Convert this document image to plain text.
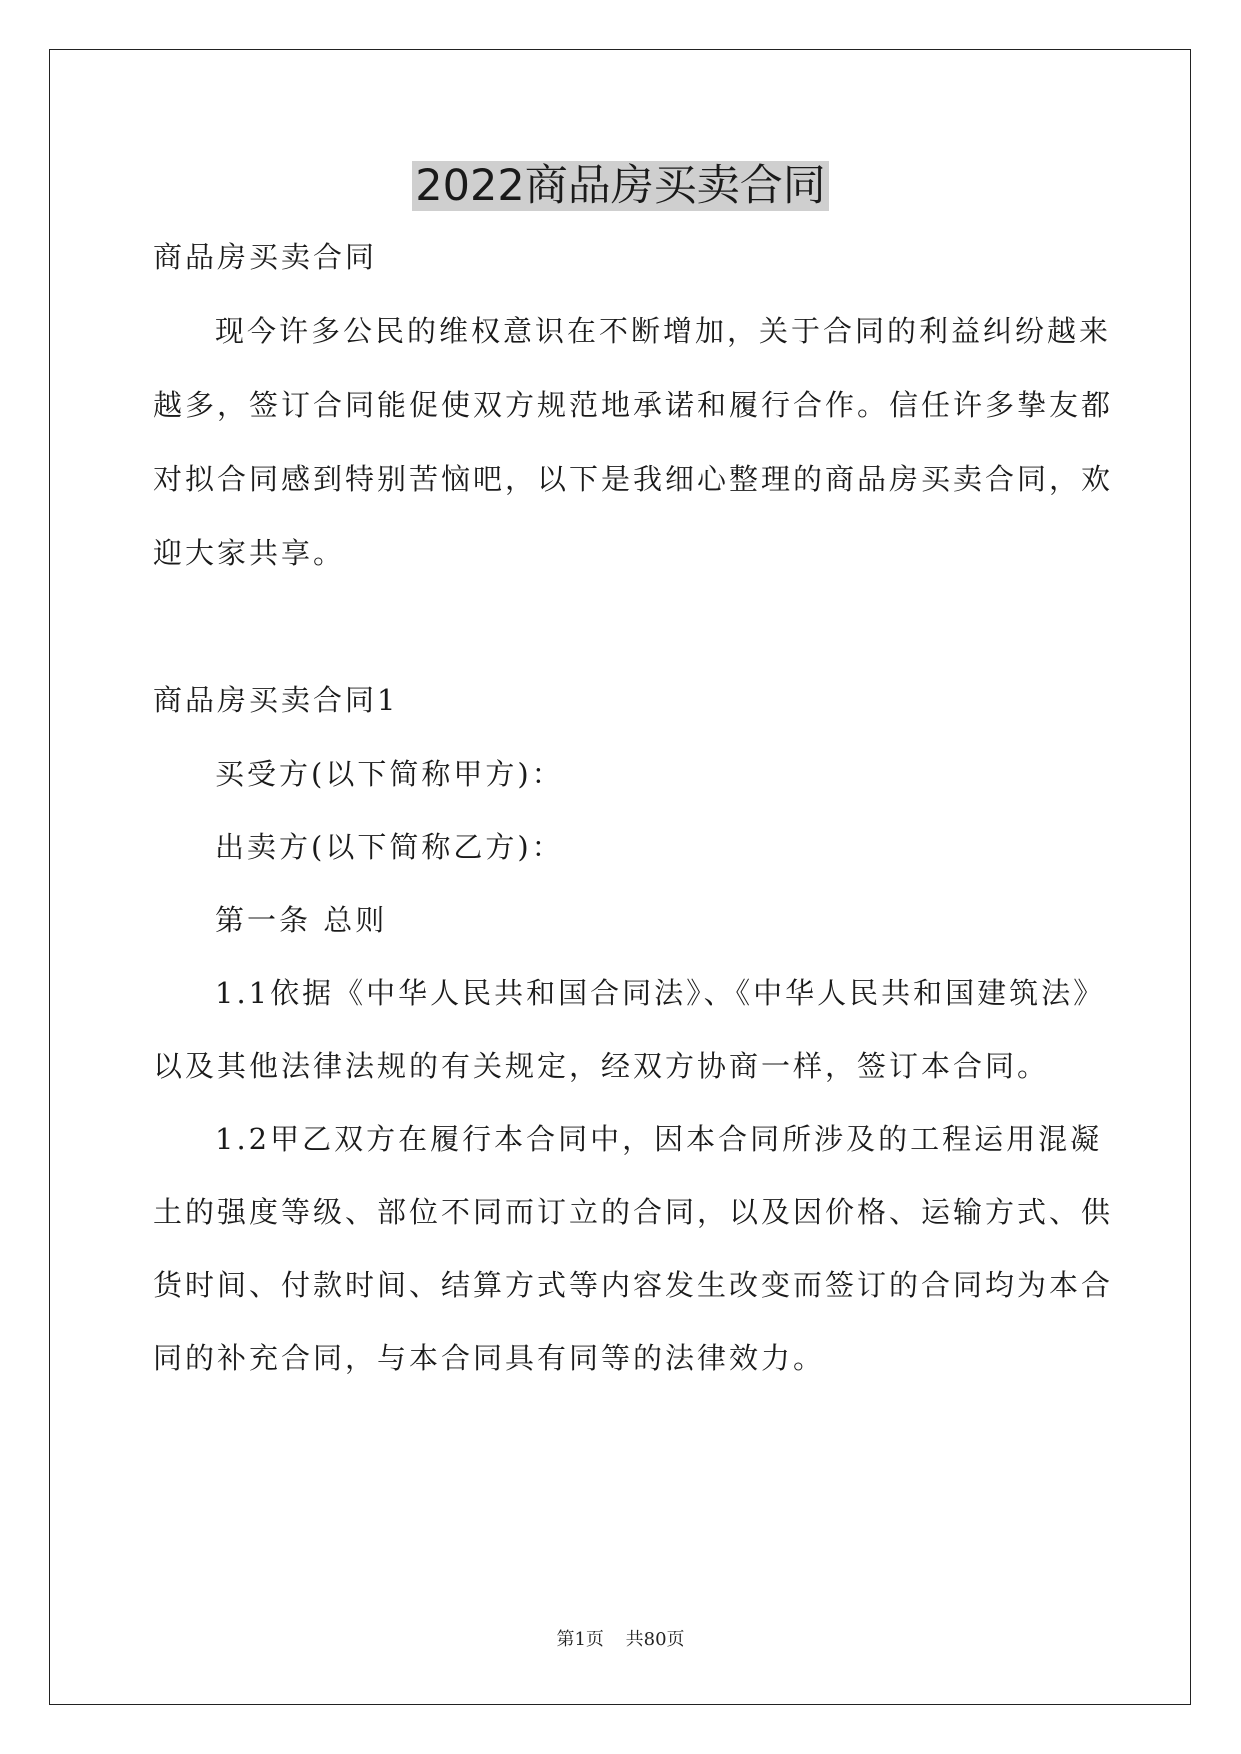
2022商品房买卖合同

商品房买卖合同

现今许多公民的维权意识在不断增加，关于合同的利益纠纷越来

越多，签订合同能促使双方规范地承诺和履行合作。信任许多挚友都

对拟合同感到特别苦恼吧，以下是我细心整理的商品房买卖合同，欢

迎大家共享。

商品房买卖合同1

买受方(以下简称甲方)：

出卖方(以下简称乙方)：

第一条 总则

1.1依据《中华人民共和国合同法》、《中华人民共和国建筑法》

以及其他法律法规的有关规定，经双方协商一样，签订本合同。

1.2甲乙双方在履行本合同中，因本合同所涉及的工程运用混凝

土的强度等级、部位不同而订立的合同，以及因价格、运输方式、供

货时间、付款时间、结算方式等内容发生改变而签订的合同均为本合

同的补充合同，与本合同具有同等的法律效力。

第1页 共80页
